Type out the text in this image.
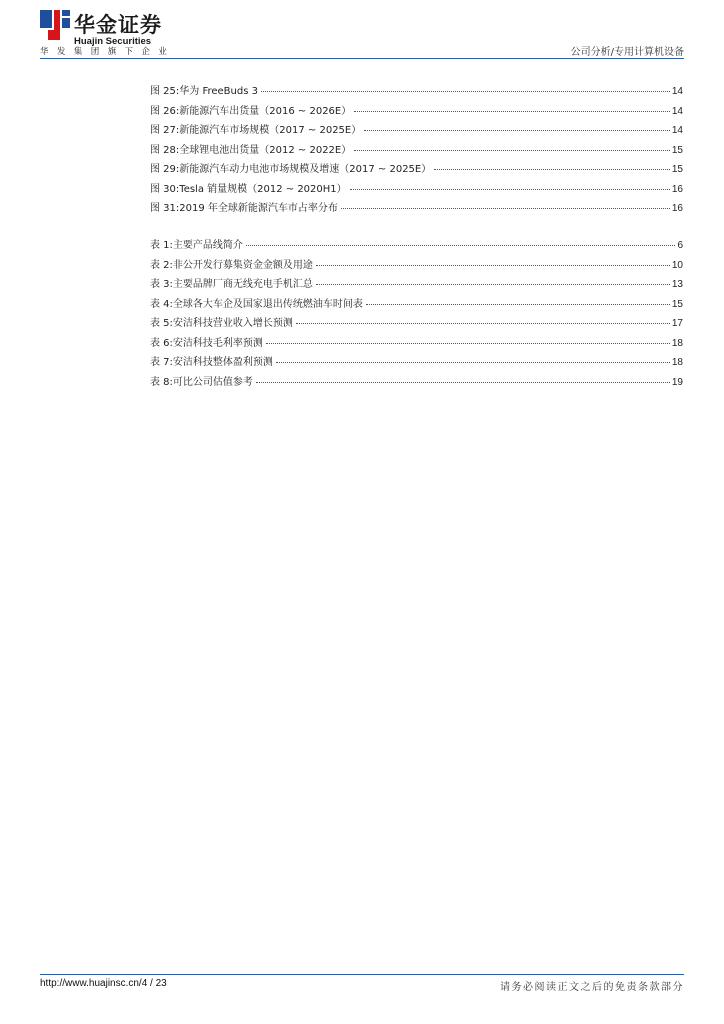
华金证券
Huajin Securities
华发集团旗下企业	公司分析/专用计算机设备
图 25: 华为 FreeBuds 3	14
图 26: 新能源汽车出货量（2016 ~ 2026E）	14
图 27: 新能源汽车市场规模（2017 ~ 2025E）	14
图 28: 全球锂电池出货量（2012 ~ 2022E）	15
图 29: 新能源汽车动力电池市场规模及增速（2017 ~ 2025E）	15
图 30: Tesla 销量规模（2012 ~ 2020H1）	16
图 31: 2019 年全球新能源汽车市占率分布	16
表 1: 主要产品线简介	6
表 2: 非公开发行募集资金金额及用途	10
表 3: 主要品牌厂商无线充电手机汇总	13
表 4: 全球各大车企及国家退出传统燃油车时间表	15
表 5: 安洁科技营业收入增长预测	17
表 6: 安洁科技毛利率预测	18
表 7: 安洁科技整体盈利预测	18
表 8: 可比公司估值参考	19
http://www.huajinsc.cn/4 / 23	请务必阅读正文之后的免责条款部分
